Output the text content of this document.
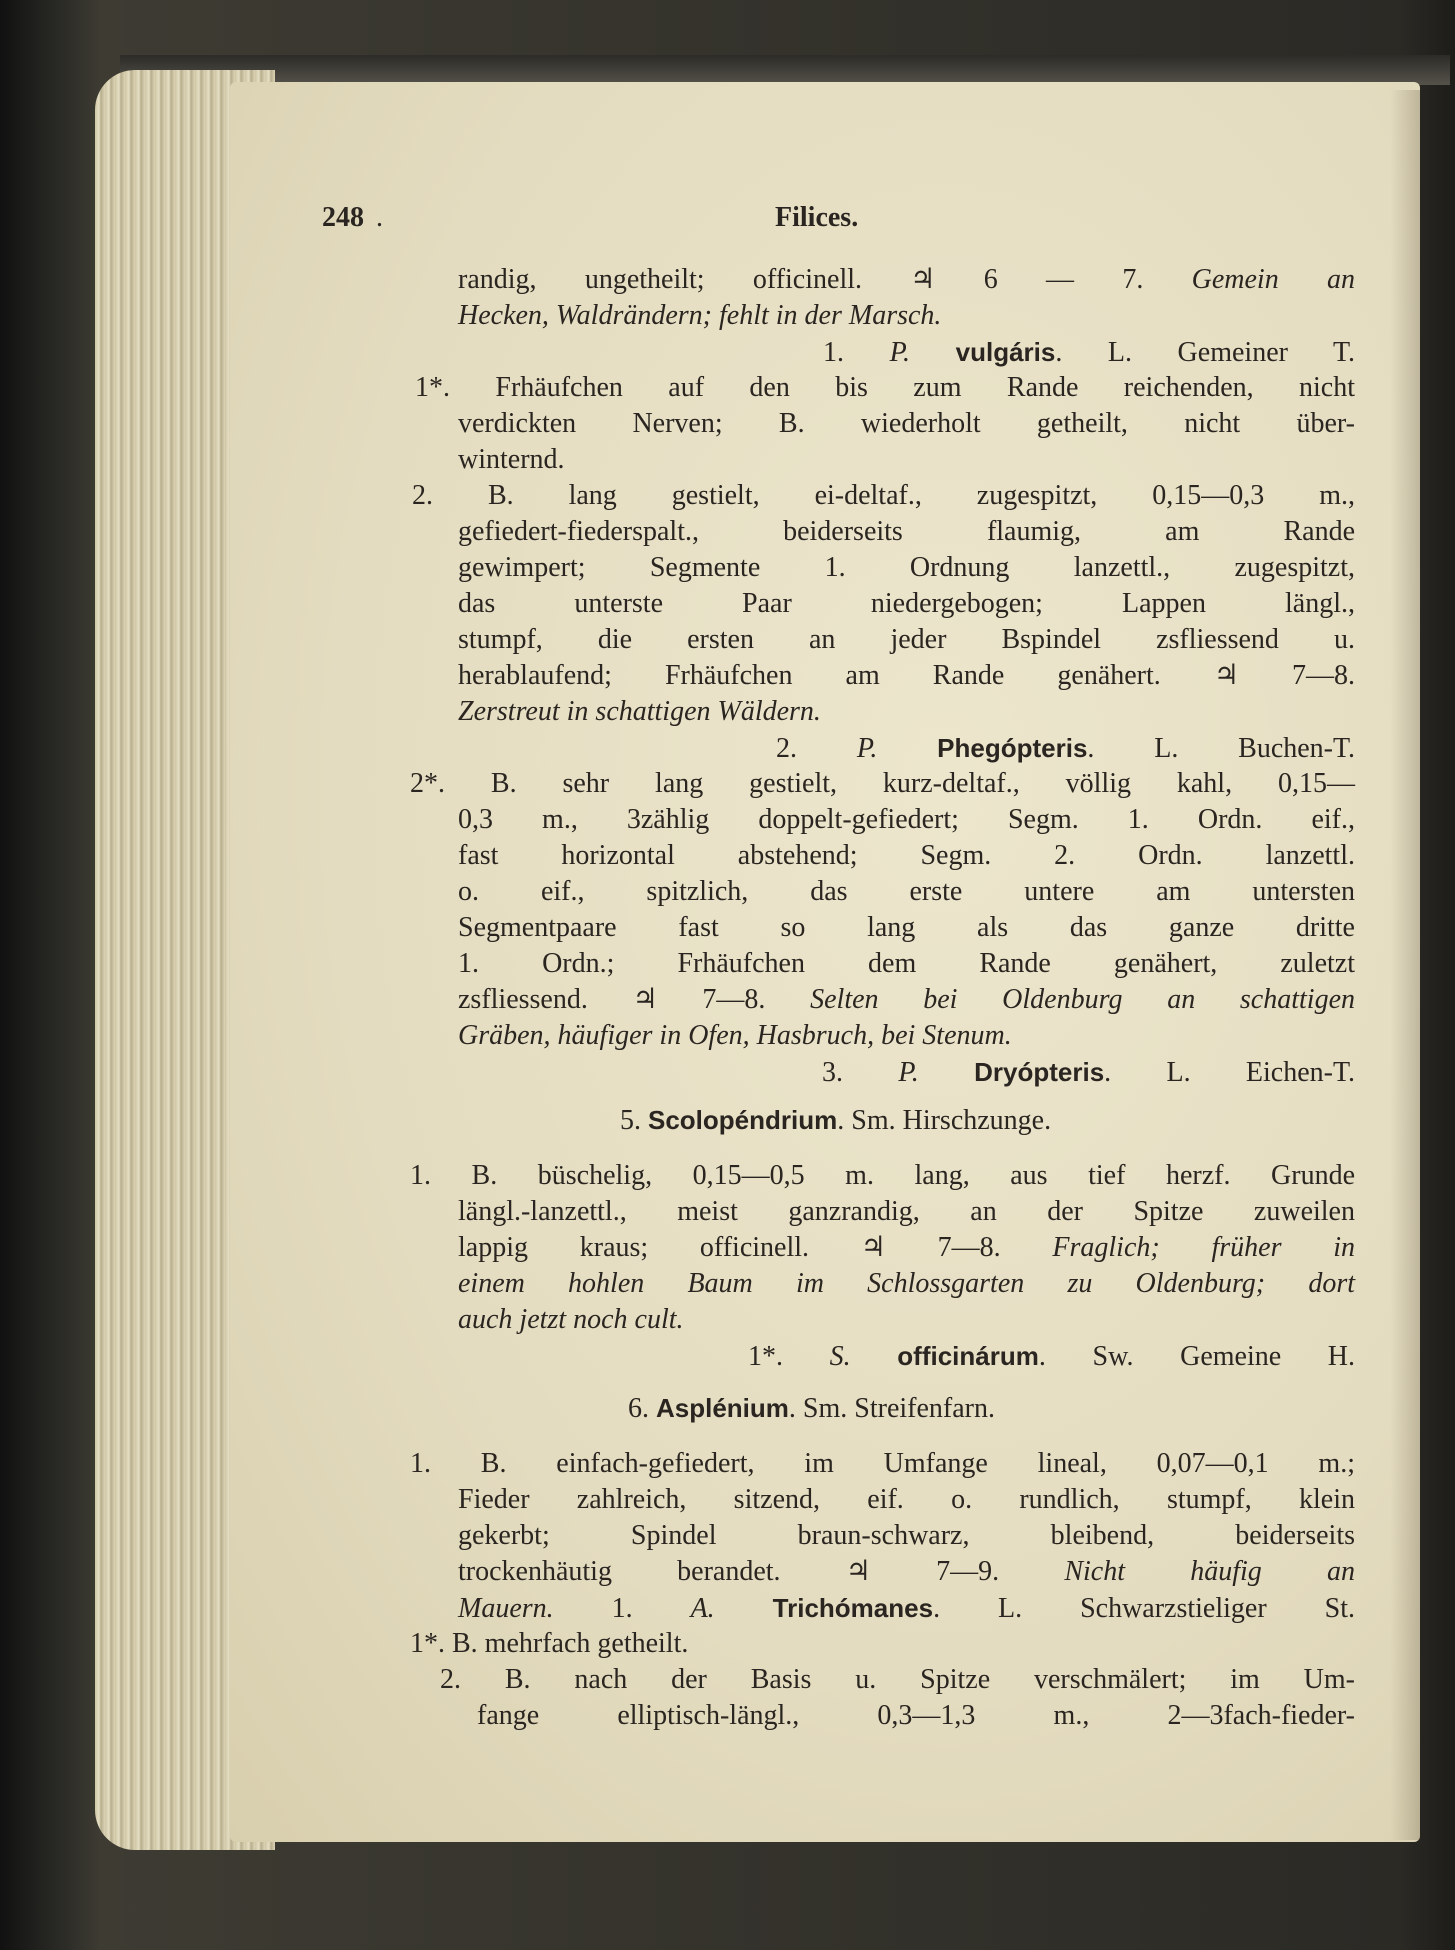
248 .	Filices.
randig, ungetheilt; officinell. ♃ 6 — 7. Gemein an
Hecken, Waldrändern; fehlt in der Marsch.
1. P. vulgáris. L. Gemeiner T.
1*. Frhäufchen auf den bis zum Rande reichenden, nicht
verdickten Nerven; B. wiederholt getheilt, nicht über-
winternd.
2. B. lang gestielt, ei-deltaf., zugespitzt, 0,15—0,3 m.,
gefiedert-fiederspalt., beiderseits flaumig, am Rande
gewimpert; Segmente 1. Ordnung lanzettl., zugespitzt,
das unterste Paar niedergebogen; Lappen längl.,
stumpf, die ersten an jeder Bspindel zsfliessend u.
herablaufend; Frhäufchen am Rande genähert. ♃ 7—8.
Zerstreut in schattigen Wäldern.
2. P. Phegópteris. L. Buchen-T.
2*. B. sehr lang gestielt, kurz-deltaf., völlig kahl, 0,15—
0,3 m., 3zählig doppelt-gefiedert; Segm. 1. Ordn. eif.,
fast horizontal abstehend; Segm. 2. Ordn. lanzettl.
o. eif., spitzlich, das erste untere am untersten
Segmentpaare fast so lang als das ganze dritte
1. Ordn.; Frhäufchen dem Rande genähert, zuletzt
zsfliessend. ♃ 7—8. Selten bei Oldenburg an schattigen
Gräben, häufiger in Ofen, Hasbruch, bei Stenum.
3. P. Dryópteris. L. Eichen-T.
5. Scolopéndrium. Sm. Hirschzunge.
1. B. büschelig, 0,15—0,5 m. lang, aus tief herzf. Grunde
längl.-lanzettl., meist ganzrandig, an der Spitze zuweilen
lappig kraus; officinell. ♃ 7—8. Fraglich; früher in
einem hohlen Baum im Schlossgarten zu Oldenburg; dort
auch jetzt noch cult.
1*. S. officinárum. Sw. Gemeine H.
6. Asplénium. Sm. Streifenfarn.
1. B. einfach-gefiedert, im Umfange lineal, 0,07—0,1 m.;
Fieder zahlreich, sitzend, eif. o. rundlich, stumpf, klein
gekerbt; Spindel braun-schwarz, bleibend, beiderseits
trockenhäutig berandet. ♃ 7—9. Nicht häufig an
Mauern. 1. A. Trichómanes. L. Schwarzstieliger St.
1*. B. mehrfach getheilt.
2. B. nach der Basis u. Spitze verschmälert; im Um-
fange elliptisch-längl., 0,3—1,3 m., 2—3fach-fieder-
